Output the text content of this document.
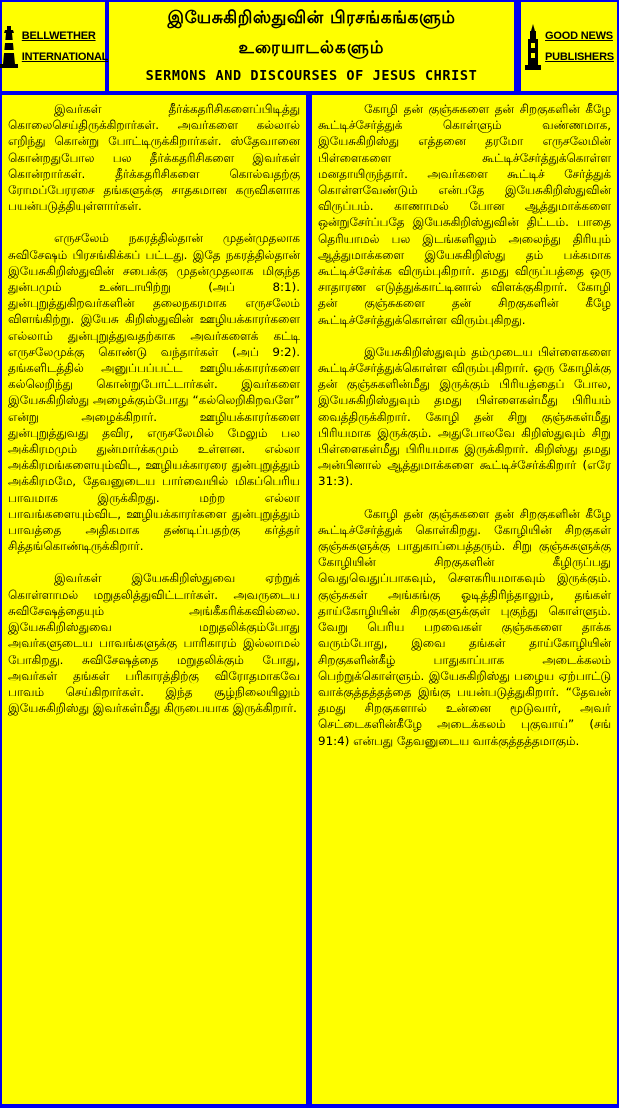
BELLWETHER
INTERNATIONAL
இயேசுகிறிஸ்துவின் பிரசங்கங்களும்
உரையாடல்களும்
SERMONS AND DISCOURSES OF JESUS CHRIST
GOOD NEWS
PUBLISHERS

இவர்கள் தீர்க்கதரிசிகளைப்பிடித்து கொலைசெய்திருக்கிறார்கள். அவர்களை கல்லால் எறிந்து கொன்று போட்டிருக்கிறார்கள். ஸ்தேவானை கொன்றதுபோல பல தீர்க்கதரிசிகளை இவர்கள் கொன்றார்கள். தீர்க்கதரிசிகளை கொல்வதற்கு ரோமப்பேரரசை தங்களுக்கு சாதகமான கருவிகளாக பயன்படுத்தியுள்ளார்கள்.

எருசலேம் நகரத்தில்தான் முதன்முதலாக சுவிசேஷம் பிரசங்கிக்கப் பட்டது. இதே நகரத்தில்தான் இயேசுகிறிஸ்துவின் சபைக்கு முதன்முதலாக மிகுந்த துன்பமும் உண்டாயிற்று (அப் 8:1). துன்புறுத்துகிறவர்களின் தலைநகரமாக எருசலேம் விளங்கிற்று. இயேசு கிறிஸ்துவின் ஊழியக்காரர்களை எல்லாம் துன்புறுத்துவதற்காக அவர்களைக் கட்டி எருசலேமுக்கு கொண்டு வந்தார்கள் (அப் 9:2). தங்களிடத்தில் அனுப்பப்பட்ட ஊழியக்காரர்களை கல்லெறிந்து கொன்றுபோட்டார்கள். இவர்களை இயேசுகிறிஸ்து அழைக்கும்போது “கல்லெறிகிறவளே” என்று அழைக்கிறார். ஊழியக்காரர்களை துன்புறுத்துவது தவிர, எருசலேமில் மேலும் பல அக்கிரமமும் துன்மார்க்கமும் உள்ளன. எல்லா அக்கிரமங்களையும்விட, ஊழியக்காரரை துன்புறுத்தும் அக்கிரமமே, தேவனுடைய பார்வையில் மிகப்பெரிய பாவமாக இருக்கிறது. மற்ற எல்லா பாவங்களையும்விட, ஊழியக்காரர்களை துன்புறுத்தும் பாவத்தை அதிகமாக தண்டிப்பதற்கு கர்த்தர் சித்தங்கொண்டிருக்கிறார்.

இவர்கள் இயேசுகிறிஸ்துவை ஏற்றுக் கொள்ளாமல் மறுதலித்துவிட்டார்கள். அவருடைய சுவிசேஷத்தையும் அங்கீகரிக்கவில்லை. இயேசுகிறிஸ்துவை மறுதலிக்கும்போது அவர்களுடைய பாவங்களுக்கு பாரிகாரம் இல்லாமல் போகிறது. சுவிசேஷத்தை மறுதலிக்கும் போது, அவர்கள் தங்கள் பரிகாரத்திற்கு விரோதமாகவே பாவம் செய்கிறார்கள். இந்த சூழ்நிலையிலும் இயேசுகிறிஸ்து இவர்கள்மீது கிருபையாக இருக்கிறார்.

கோழி தன் குஞ்சுகளை தன் சிறகுகளின் கீழே கூட்டிச்சேர்த்துக் கொள்ளும் வண்ணமாக, இயேசுகிறிஸ்து எத்தனை தரமோ எருசலேமின் பிள்ளைகளை கூட்டிச்சேர்த்துக்கொள்ள மனதாயிருந்தார். அவர்களை கூட்டிச் சேர்த்துக் கொள்ளவேண்டும் என்பதே இயேசுகிறிஸ்துவின் விருப்பம். காணாமல் போன ஆத்துமாக்களை ஒன்றுசேர்ப்பதே இயேசுகிறிஸ்துவின் திட்டம். பாதை தெரியாமல் பல இடங்களிலும் அலைந்து திரியும் ஆத்துமாக்களை இயேசுகிறிஸ்து தம் பக்கமாக கூட்டிச்சேர்க்க விரும்புகிறார். தமது விருப்பத்தை ஒரு சாதாரண எடுத்துக்காட்டினால் விளக்குகிறார். கோழி தன் குஞ்சுகளை தன் சிறகுகளின் கீழே கூட்டிச்சேர்த்துக்கொள்ள விரும்புகிறது.

இயேசுகிறிஸ்துவும் தம்முடைய பிள்ளைகளை கூட்டிச்சேர்த்துக்கொள்ள விரும்புகிறார். ஒரு கோழிக்கு தன் குஞ்சுகளின்மீது இருக்கும் பிரியத்தைப் போல, இயேசுகிறிஸ்துவும் தமது பிள்ளைகள்மீது பிரியம் வைத்திருக்கிறார். கோழி தன் சிறு குஞ்சுகள்மீது பிரியமாக இருக்கும். அதுபோலவே கிறிஸ்துவும் சிறு பிள்ளைகள்மீது பிரியமாக இருக்கிறார். கிறிஸ்து தமது அன்பினால் ஆத்துமாக்களை கூட்டிச்சேர்க்கிறார் (எரே 31:3).

கோழி தன் குஞ்சுகளை தன் சிறகுகளின் கீழே கூட்டிச்சேர்த்துக் கொள்கிறது. கோழியின் சிறகுகள் குஞ்சுகளுக்கு பாதுகாப்பைத்தரும். சிறு குஞ்சுகளுக்கு கோழியின் சிறகுகளின் கீழிருப்பது வெதுவெதுப்பாகவும், சௌகரியமாகவும் இருக்கும். குஞ்சுகள் அங்கங்கு ஓடித்திரிந்தாலும், தங்கள் தாய்கோழியின் சிறகுகளுக்குள் புகுந்து கொள்ளும். வேறு பெரிய பறவைகள் குஞ்சுகளை தாக்க வரும்போது, இவை தங்கள் தாய்கோழியின் சிறகுகளின்கீழ் பாதுகாப்பாக அடைக்கலம் பெற்றுக்கொள்ளும். இயேசுகிறிஸ்து பழைய ஏற்பாட்டு வாக்குத்தத்தத்தை இங்கு பயன்படுத்துகிறார். “தேவன் தமது சிறகுகளால் உன்னை மூடுவார், அவர் செட்டைகளின்கீழே அடைக்கலம் புகுவாய்” (சங் 91:4) என்பது தேவனுடைய வாக்குத்தத்தமாகும்.
